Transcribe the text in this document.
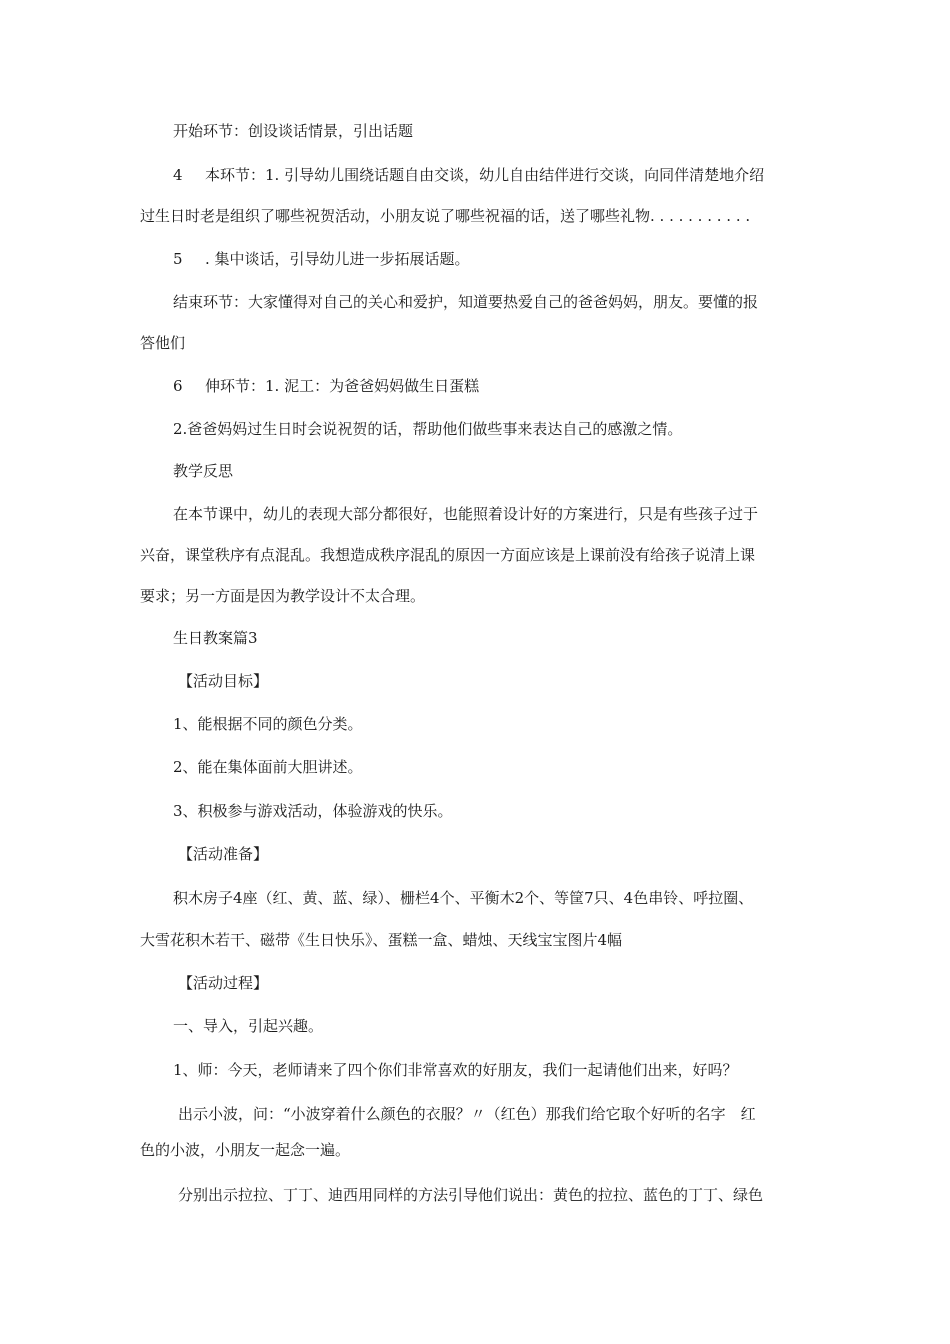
开始环节：创设谈话情景，引出话题

4 本环节：1. 引导幼儿围绕话题自由交谈，幼儿自由结伴进行交谈，向同伴清楚地介绍

过生日时老是组织了哪些祝贺活动，小朋友说了哪些祝福的话，送了哪些礼物. . . . . . . . . . .

5 . 集中谈话，引导幼儿进一步拓展话题。

结束环节：大家懂得对自己的关心和爱护，知道要热爱自己的爸爸妈妈，朋友。要懂的报

答他们

6 伸环节：1. 泥工：为爸爸妈妈做生日蛋糕

2.爸爸妈妈过生日时会说祝贺的话，帮助他们做些事来表达自己的感激之情。

教学反思

在本节课中，幼儿的表现大部分都很好，也能照着设计好的方案进行，只是有些孩子过于

兴奋，课堂秩序有点混乱。我想造成秩序混乱的原因一方面应该是上课前没有给孩子说清上课

要求；另一方面是因为教学设计不太合理。

生日教案篇3

【活动目标】

1、能根据不同的颜色分类。

2、能在集体面前大胆讲述。

3、积极参与游戏活动，体验游戏的快乐。

【活动准备】

积木房子4座（红、黄、蓝、绿）、栅栏4个、平衡木2个、等筐7只、4色串铃、呼拉圈、

大雪花积木若干、磁带《生日快乐》、蛋糕一盒、蜡烛、天线宝宝图片4幅

【活动过程】

一、导入，引起兴趣。

1、师：今天，老师请来了四个你们非常喜欢的好朋友，我们一起请他们出来，好吗？

出示小波，问：“小波穿着什么颜色的衣服？〃（红色）那我们给它取个好听的名字　红

色的小波，小朋友一起念一遍。

分别出示拉拉、丁丁、迪西用同样的方法引导他们说出：黄色的拉拉、蓝色的丁丁、绿色
